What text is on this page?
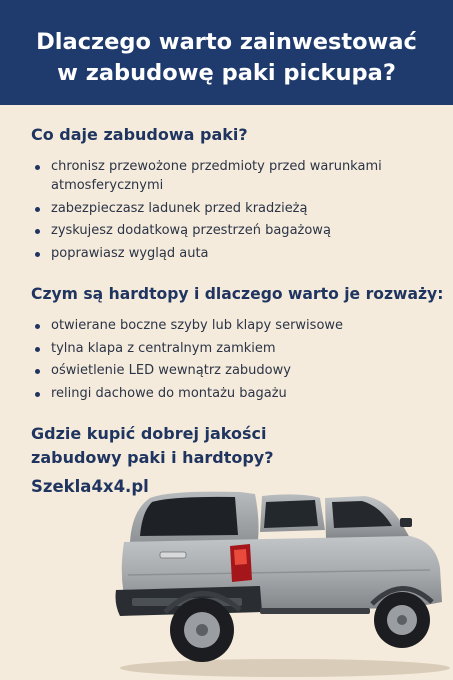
Dlaczego warto zainwestować
w zabudowę paki pickupa?
Co daje zabudowa paki?
chronisz przewożone przedmioty przed warunkami atmosferycznymi
zabezpieczasz ladunek przed kradzieżą
zyskujesz dodatkową przestrzeń bagażową
poprawiasz wygląd auta
Czym są hardtopy i dlaczego warto je rozważy:
otwierane boczne szyby lub klapy serwisowe
tylna klapa z centralnym zamkiem
oświetlenie LED wewnątrz zabudowy
relingi dachowe do montażu bagażu
Gdzie kupić dobrej jakości
zabudowy paki i hardtopy?
Szekla4x4.pl
